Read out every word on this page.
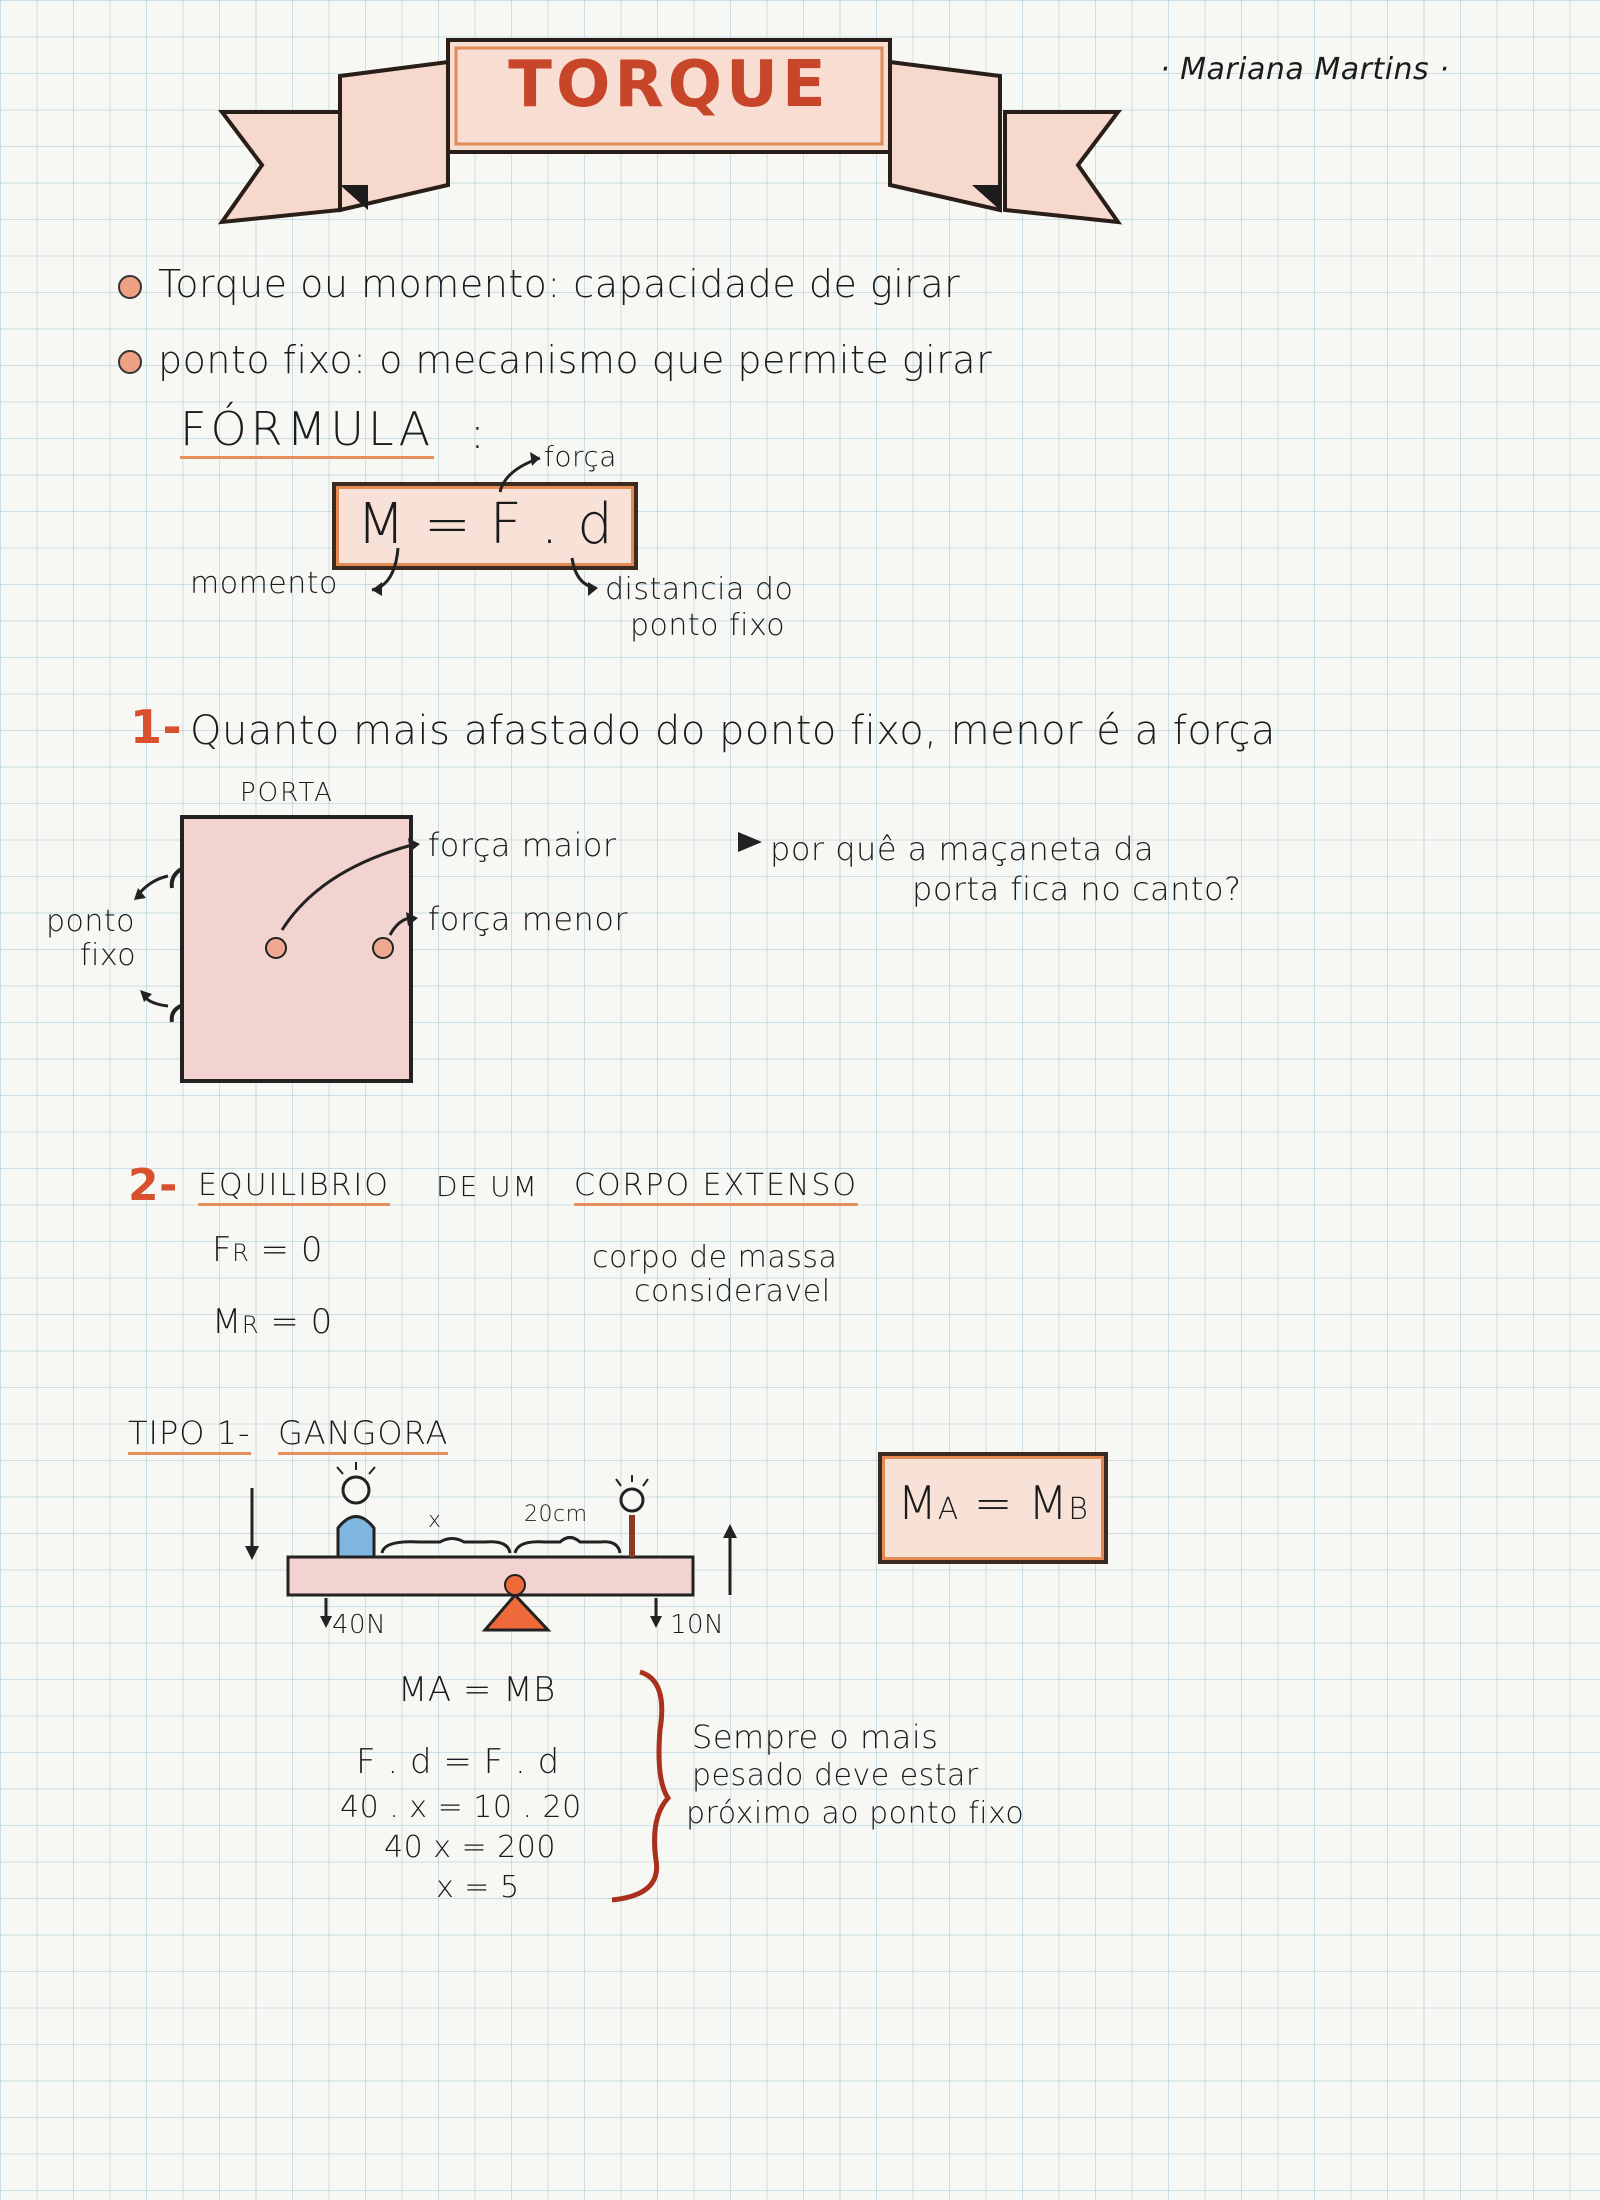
TORQUE	· Mariana Martins ·
Torque ou momento: capacidade de girar
ponto fixo: o mecanismo que permite girar
FÓRMULA :
M = F . d
força
momento	distancia do
ponto fixo
1- Quanto mais afastado do ponto fixo, menor é a força
PORTA
força maior
força menor
ponto
fixo
por quê a maçaneta da
porta fica no canto?
2- EQUILIBRIO DE UM CORPO EXTENSO
FR = 0
MR = 0
corpo de massa
consideravel
TIPO 1- GANGORA
x	20cm
40N	10N
MA = MB
MA = MB
F . d = F . d
40 . x = 10 . 20
40 x = 200
x = 5
Sempre o mais
pesado deve estar
próximo ao ponto fixo
